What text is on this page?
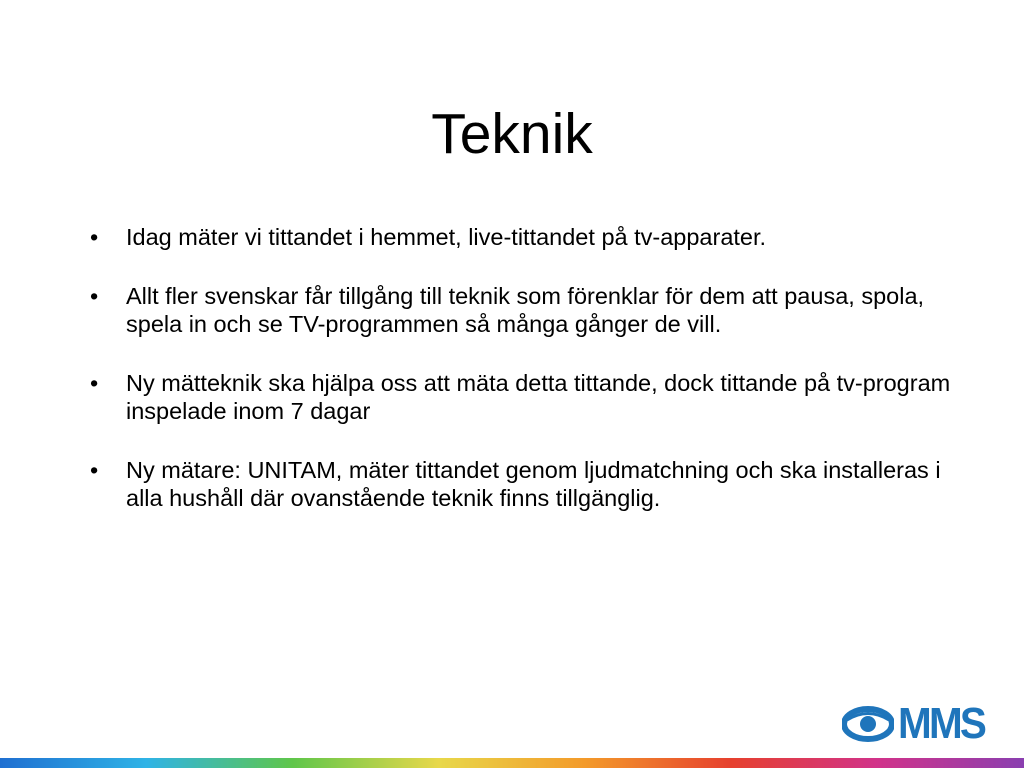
Teknik
• Idag mäter vi tittandet i hemmet, live-tittandet på tv-apparater.
• Allt fler svenskar får tillgång till teknik som förenklar för dem att pausa, spola, spela in och se TV-programmen så många gånger de vill.
• Ny mätteknik ska hjälpa oss att mäta detta tittande, dock tittande på tv-program inspelade inom 7 dagar
• Ny mätare: UNITAM, mäter tittandet genom ljudmatchning och ska installeras i alla hushåll där ovanstående teknik finns tillgänglig.
MMS
